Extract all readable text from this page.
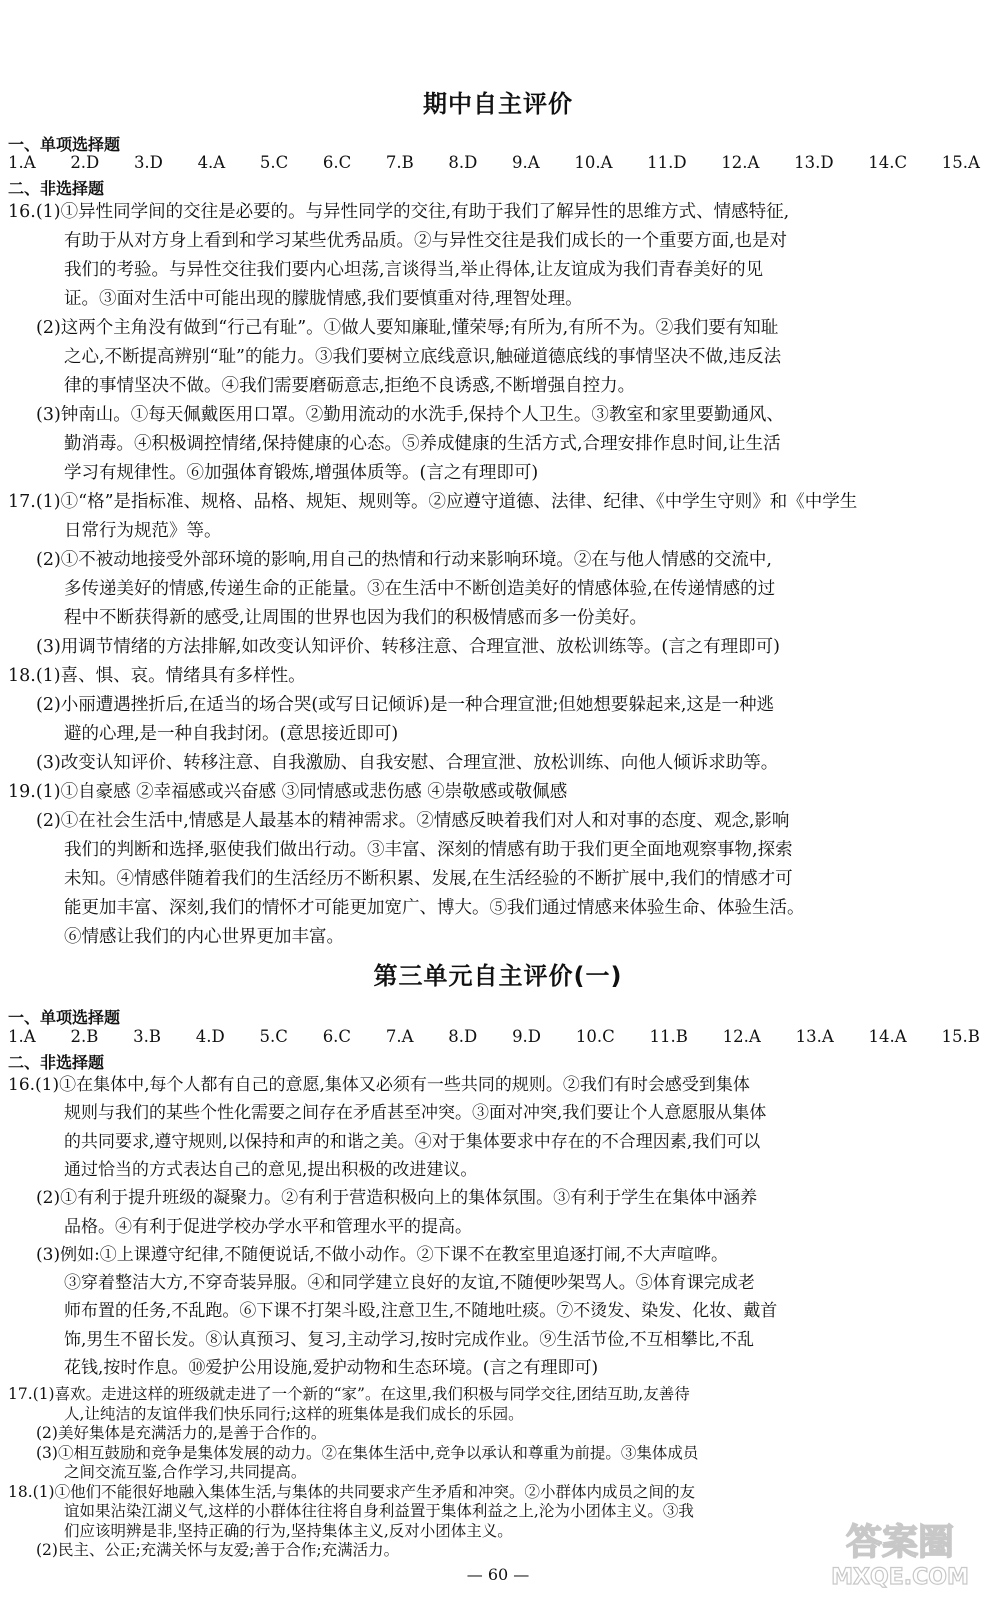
期中自主评价
一、单项选择题
1.A 2.D 3.D 4.A 5.C 6.C 7.B 8.D 9.A 10.A 11.D 12.A 13.D 14.C 15.A
二、非选择题
16.(1)①异性同学间的交往是必要的。与异性同学的交往,有助于我们了解异性的思维方式、情感特征,
有助于从对方身上看到和学习某些优秀品质。②与异性交往是我们成长的一个重要方面,也是对
我们的考验。与异性交往我们要内心坦荡,言谈得当,举止得体,让友谊成为我们青春美好的见
证。③面对生活中可能出现的朦胧情感,我们要慎重对待,理智处理。
(2)这两个主角没有做到“行己有耻”。①做人要知廉耻,懂荣辱;有所为,有所不为。②我们要有知耻
之心,不断提高辨别“耻”的能力。③我们要树立底线意识,触碰道德底线的事情坚决不做,违反法
律的事情坚决不做。④我们需要磨砺意志,拒绝不良诱惑,不断增强自控力。
(3)钟南山。①每天佩戴医用口罩。②勤用流动的水洗手,保持个人卫生。③教室和家里要勤通风、
勤消毒。④积极调控情绪,保持健康的心态。⑤养成健康的生活方式,合理安排作息时间,让生活
学习有规律性。⑥加强体育锻炼,增强体质等。(言之有理即可)
17.(1)①“格”是指标准、规格、品格、规矩、规则等。②应遵守道德、法律、纪律、《中学生守则》和《中学生
日常行为规范》等。
(2)①不被动地接受外部环境的影响,用自己的热情和行动来影响环境。②在与他人情感的交流中,
多传递美好的情感,传递生命的正能量。③在生活中不断创造美好的情感体验,在传递情感的过
程中不断获得新的感受,让周围的世界也因为我们的积极情感而多一份美好。
(3)用调节情绪的方法排解,如改变认知评价、转移注意、合理宣泄、放松训练等。(言之有理即可)
18.(1)喜、惧、哀。情绪具有多样性。
(2)小丽遭遇挫折后,在适当的场合哭(或写日记倾诉)是一种合理宣泄;但她想要躲起来,这是一种逃
避的心理,是一种自我封闭。(意思接近即可)
(3)改变认知评价、转移注意、自我激励、自我安慰、合理宣泄、放松训练、向他人倾诉求助等。
19.(1)①自豪感 ②幸福感或兴奋感 ③同情感或悲伤感 ④崇敬感或敬佩感
(2)①在社会生活中,情感是人最基本的精神需求。②情感反映着我们对人和对事的态度、观念,影响
我们的判断和选择,驱使我们做出行动。③丰富、深刻的情感有助于我们更全面地观察事物,探索
未知。④情感伴随着我们的生活经历不断积累、发展,在生活经验的不断扩展中,我们的情感才可
能更加丰富、深刻,我们的情怀才可能更加宽广、博大。⑤我们通过情感来体验生命、体验生活。
⑥情感让我们的内心世界更加丰富。
第三单元自主评价(一)
一、单项选择题
1.A 2.B 3.B 4.D 5.C 6.C 7.A 8.D 9.D 10.C 11.B 12.A 13.A 14.A 15.B
二、非选择题
16.(1)①在集体中,每个人都有自己的意愿,集体又必须有一些共同的规则。②我们有时会感受到集体
规则与我们的某些个性化需要之间存在矛盾甚至冲突。③面对冲突,我们要让个人意愿服从集体
的共同要求,遵守规则,以保持和声的和谐之美。④对于集体要求中存在的不合理因素,我们可以
通过恰当的方式表达自己的意见,提出积极的改进建议。
(2)①有利于提升班级的凝聚力。②有利于营造积极向上的集体氛围。③有利于学生在集体中涵养
品格。④有利于促进学校办学水平和管理水平的提高。
(3)例如:①上课遵守纪律,不随便说话,不做小动作。②下课不在教室里追逐打闹,不大声喧哗。
③穿着整洁大方,不穿奇装异服。④和同学建立良好的友谊,不随便吵架骂人。⑤体育课完成老
师布置的任务,不乱跑。⑥下课不打架斗殴,注意卫生,不随地吐痰。⑦不烫发、染发、化妆、戴首
饰,男生不留长发。⑧认真预习、复习,主动学习,按时完成作业。⑨生活节俭,不互相攀比,不乱
花钱,按时作息。⑩爱护公用设施,爱护动物和生态环境。(言之有理即可)
17.(1)喜欢。走进这样的班级就走进了一个新的“家”。在这里,我们积极与同学交往,团结互助,友善待
人,让纯洁的友谊伴我们快乐同行;这样的班集体是我们成长的乐园。
(2)美好集体是充满活力的,是善于合作的。
(3)①相互鼓励和竞争是集体发展的动力。②在集体生活中,竞争以承认和尊重为前提。③集体成员
之间交流互鉴,合作学习,共同提高。
18.(1)①他们不能很好地融入集体生活,与集体的共同要求产生矛盾和冲突。②小群体内成员之间的友
谊如果沾染江湖义气,这样的小群体往往将自身利益置于集体利益之上,沦为小团体主义。③我
们应该明辨是非,坚持正确的行为,坚持集体主义,反对小团体主义。
(2)民主、公正;充满关怀与友爱;善于合作;充满活力。
— 60 —
答案圈
MXQE.COM
